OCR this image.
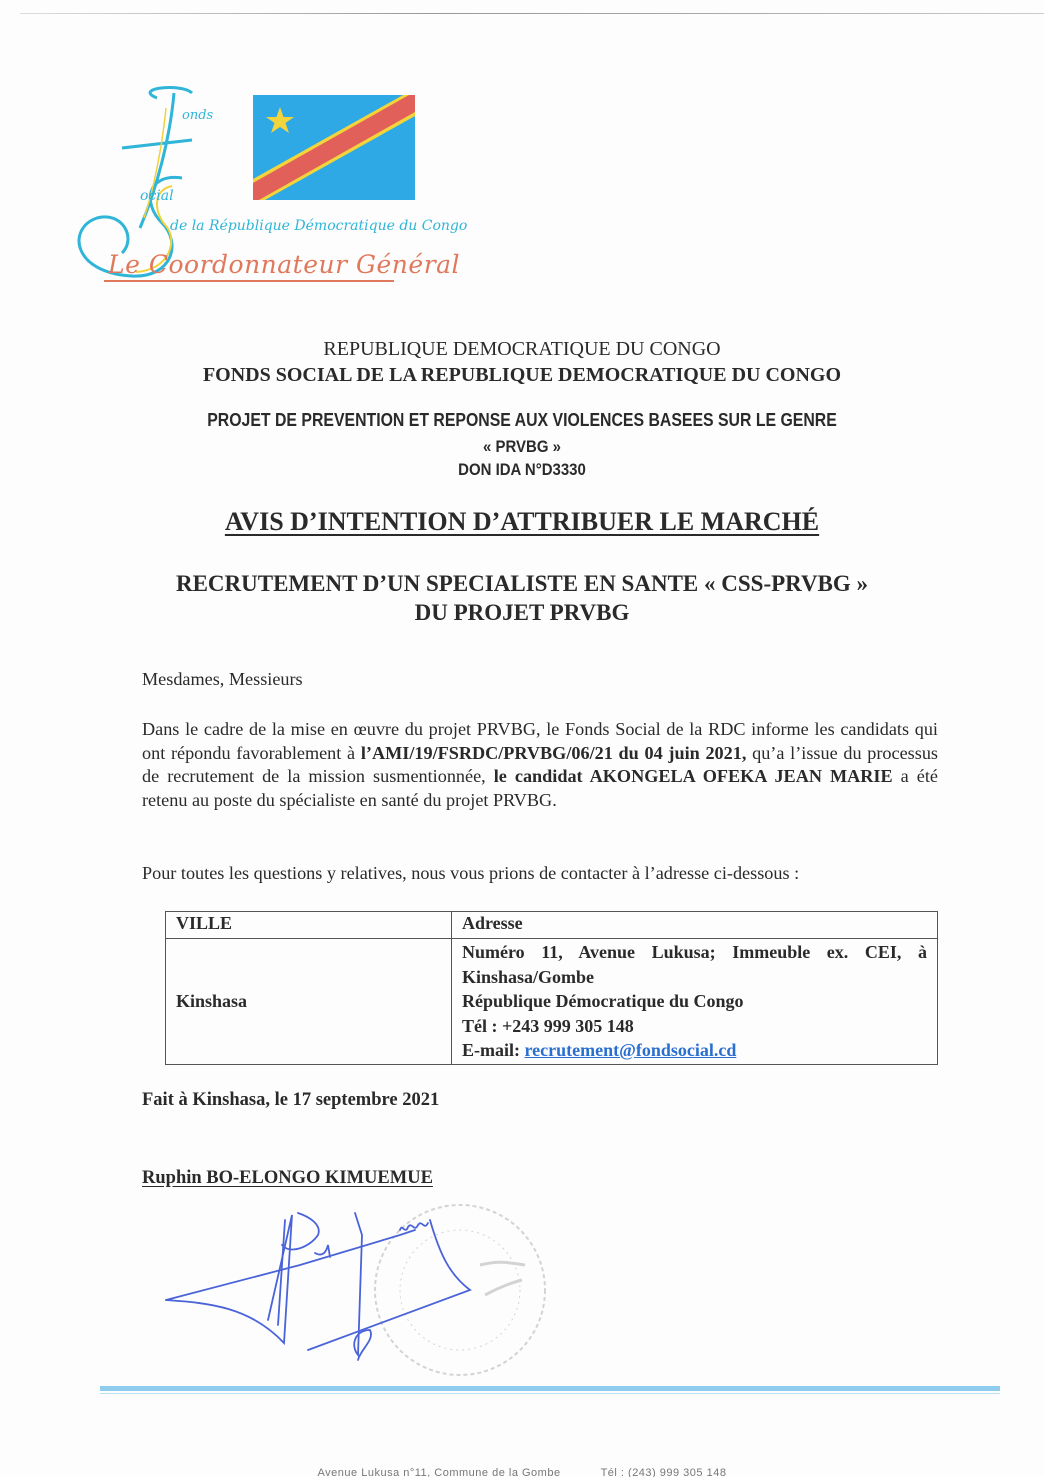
onds
ocial
de la République Démocratique du Congo
Le Coordonnateur Général
REPUBLIQUE DEMOCRATIQUE DU CONGO
FONDS SOCIAL DE LA REPUBLIQUE DEMOCRATIQUE DU CONGO
PROJET DE PREVENTION ET REPONSE AUX VIOLENCES BASEES SUR LE GENRE
« PRVBG »
DON IDA N°D3330
AVIS D’INTENTION D’ATTRIBUER LE MARCHÉ
RECRUTEMENT D’UN SPECIALISTE EN SANTE « CSS-PRVBG »
DU PROJET PRVBG
Mesdames, Messieurs
Dans le cadre de la mise en œuvre du projet PRVBG, le Fonds Social de la RDC informe les candidats qui ont répondu favorablement à l’AMI/19/FSRDC/PRVBG/06/21 du 04 juin 2021, qu’a l’issue du processus de recrutement de la mission susmentionnée, le candidat AKONGELA OFEKA JEAN MARIE a été retenu au poste du spécialiste en santé du projet PRVBG.
Pour toutes les questions y relatives, nous vous prions de contacter à l’adresse ci-dessous :
VILLE	Adresse
Kinshasa	Numéro 11, Avenue Lukusa; Immeuble ex. CEI, à
Kinshasa/Gombe
République Démocratique du Congo
Tél : +243 999 305 148
E-mail: recrutement@fondsocial.cd
Fait à Kinshasa, le 17 septembre 2021
Ruphin BO-ELONGO KIMUEMUE
Avenue Lukusa n°11, Commune de la Gombe	Tél : (243) 999 305 148
